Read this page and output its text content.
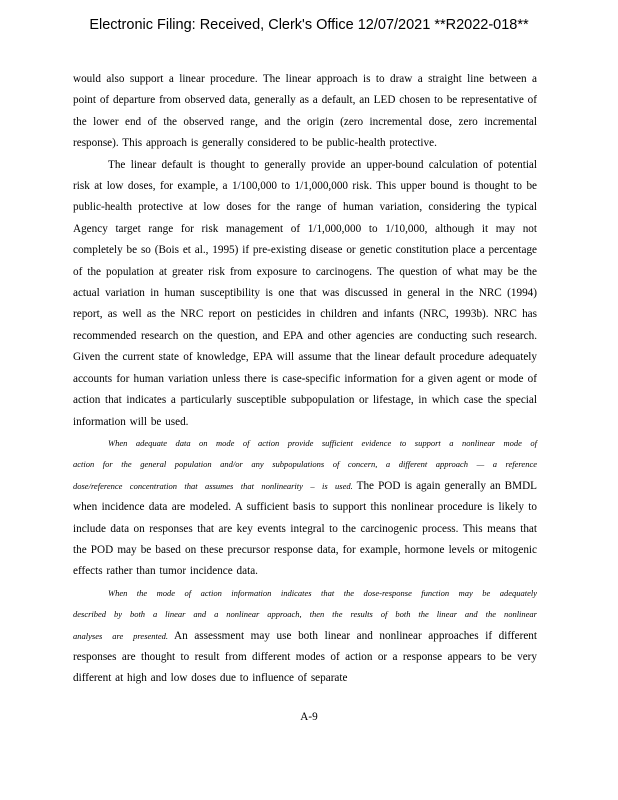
Electronic Filing: Received, Clerk's Office 12/07/2021 **R2022-018**

would also support a linear procedure. The linear approach is to draw a straight line between a point of departure from observed data, generally as a default, an LED chosen to be representative of the lower end of the observed range, and the origin (zero incremental dose, zero incremental response). This approach is generally considered to be public-health protective.

The linear default is thought to generally provide an upper-bound calculation of potential risk at low doses, for example, a 1/100,000 to 1/1,000,000 risk. This upper bound is thought to be public-health protective at low doses for the range of human variation, considering the typical Agency target range for risk management of 1/1,000,000 to 1/10,000, although it may not completely be so (Bois et al., 1995) if pre-existing disease or genetic constitution place a percentage of the population at greater risk from exposure to carcinogens. The question of what may be the actual variation in human susceptibility is one that was discussed in general in the NRC (1994) report, as well as the NRC report on pesticides in children and infants (NRC, 1993b). NRC has recommended research on the question, and EPA and other agencies are conducting such research. Given the current state of knowledge, EPA will assume that the linear default procedure adequately accounts for human variation unless there is case-specific information for a given agent or mode of action that indicates a particularly susceptible subpopulation or lifestage, in which case the special information will be used.

When adequate data on mode of action provide sufficient evidence to support a nonlinear mode of action for the general population and/or any subpopulations of concern, a different approach — a reference dose/reference concentration that assumes that nonlinearity – is used. The POD is again generally an BMDL when incidence data are modeled. A sufficient basis to support this nonlinear procedure is likely to include data on responses that are key events integral to the carcinogenic process. This means that the POD may be based on these precursor response data, for example, hormone levels or mitogenic effects rather than tumor incidence data.

When the mode of action information indicates that the dose-response function may be adequately described by both a linear and a nonlinear approach, then the results of both the linear and the nonlinear analyses are presented. An assessment may use both linear and nonlinear approaches if different responses are thought to result from different modes of action or a response appears to be very different at high and low doses due to influence of separate

A-9
